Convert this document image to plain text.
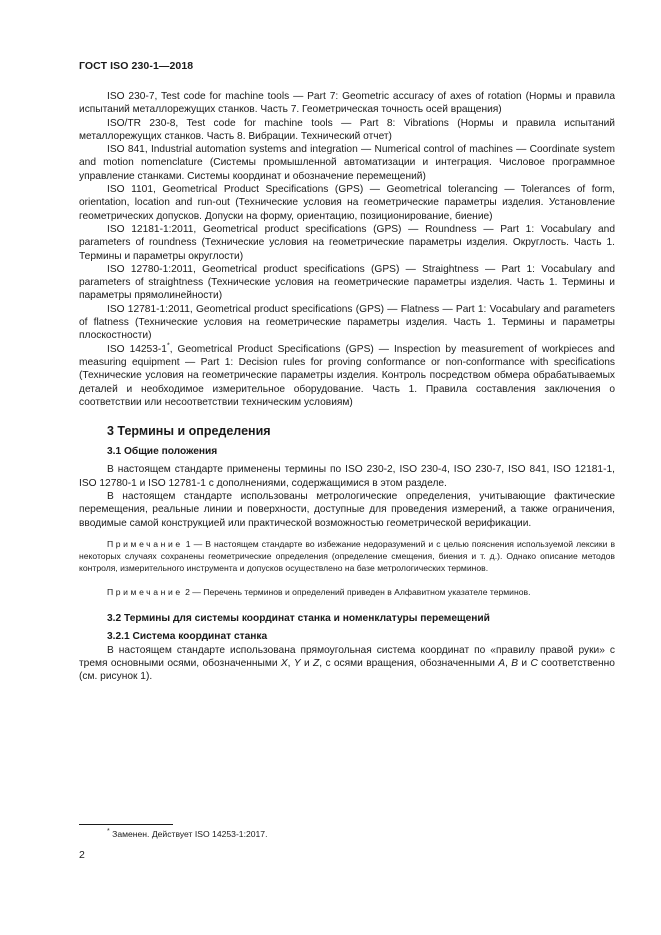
ГОСТ ISO 230-1—2018

ISO 230-7, Test code for machine tools — Part 7: Geometric accuracy of axes of rotation (Нормы и правила испытаний металлорежущих станков. Часть 7. Геометрическая точность осей вращения)

ISO/TR 230-8, Test code for machine tools — Part 8: Vibrations (Нормы и правила испытаний металлорежущих станков. Часть 8. Вибрации. Технический отчет)

ISO 841, Industrial automation systems and integration — Numerical control of machines — Coordinate system and motion nomenclature (Системы промышленной автоматизации и интеграция. Числовое программное управление станками. Системы координат и обозначение перемещений)

ISO 1101, Geometrical Product Specifications (GPS) — Geometrical tolerancing — Tolerances of form, orientation, location and run-out (Технические условия на геометрические параметры изделия. Установление геометрических допусков. Допуски на форму, ориентацию, позиционирование, биение)

ISO 12181-1:2011, Geometrical product specifications (GPS) — Roundness — Part 1: Vocabulary and parameters of roundness (Технические условия на геометрические параметры изделия. Округлость. Часть 1. Термины и параметры округлости)

ISO 12780-1:2011, Geometrical product specifications (GPS) — Straightness — Part 1: Vocabulary and parameters of straightness (Технические условия на геометрические параметры изделия. Часть 1. Термины и параметры прямолинейности)

ISO 12781-1:2011, Geometrical product specifications (GPS) — Flatness — Part 1: Vocabulary and parameters of flatness (Технические условия на геометрические параметры изделия. Часть 1. Термины и параметры плоскостности)

ISO 14253-1*, Geometrical Product Specifications (GPS) — Inspection by measurement of workpieces and measuring equipment — Part 1: Decision rules for proving conformance or non-conformance with specifications (Технические условия на геометрические параметры изделия. Контроль посредством обмера обрабатываемых деталей и необходимое измерительное оборудование. Часть 1. Правила составления заключения о соответствии или несоответствии техническим условиям)

3 Термины и определения
3.1 Общие положения

В настоящем стандарте применены термины по ISO 230-2, ISO 230-4, ISO 230-7, ISO 841, ISO 12181-1, ISO 12780-1 и ISO 12781-1 с дополнениями, содержащимися в этом разделе.

В настоящем стандарте использованы метрологические определения, учитывающие фактические перемещения, реальные линии и поверхности, доступные для проведения измерений, а также ограничения, вводимые самой конструкцией или практической возможностью геометрической верификации.

Примечание 1 — В настоящем стандарте во избежание недоразумений и с целью пояснения используемой лексики в некоторых случаях сохранены геометрические определения (определение смещения, биения и т. д.). Однако описание методов контроля, измерительного инструмента и допусков осуществлено на базе метрологических терминов.

Примечание 2 — Перечень терминов и определений приведен в Алфавитном указателе терминов.

3.2 Термины для системы координат станка и номенклатуры перемещений
3.2.1 Система координат станка

В настоящем стандарте использована прямоугольная система координат по «правилу правой руки» с тремя основными осями, обозначенными X, Y и Z, с осями вращения, обозначенными A, B и C соответственно (см. рисунок 1).

* Заменен. Действует ISO 14253-1:2017.
2
